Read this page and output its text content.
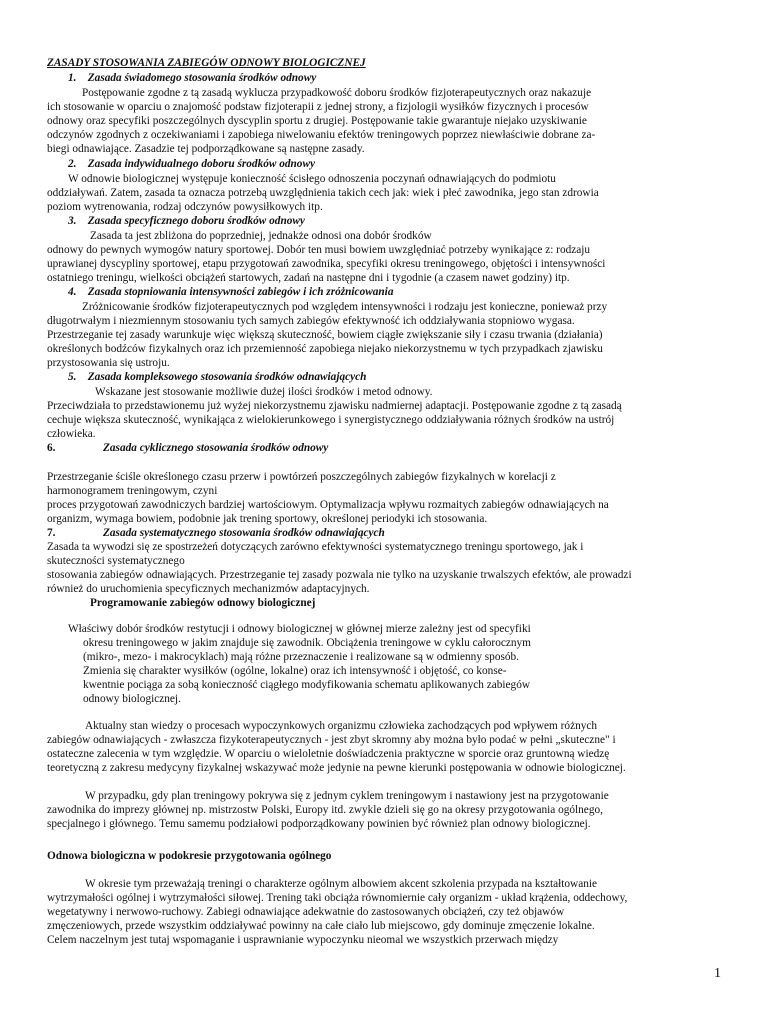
ZASADY STOSOWANIA ZABIEGÓW ODNOWY BIOLOGICZNEJ
1.    Zasada świadomego stosowania środków odnowy
Postępowanie zgodne z tą zasadą wyklucza przypadkowość doboru środków fizjoterapeutycznych oraz nakazuje
ich stosowanie w oparciu o znajomość podstaw fizjoterapii z jednej strony, a fizjologii wysiłków fizycznych i procesów
odnowy oraz specyfiki poszczególnych dyscyplin sportu z drugiej. Postępowanie takie gwarantuje niejako uzyskiwanie
odczynów zgodnych z oczekiwaniami i zapobiega niwelowaniu efektów treningowych poprzez niewłaściwie dobrane za-
biegi odnawiające. Zasadzie tej podporządkowane są następne zasady.
2.    Zasada indywidualnego doboru środków odnowy
W odnowie biologicznej występuje konieczność ścisłego odnoszenia poczynań odnawiających do podmiotu
oddziaływań. Zatem, zasada ta oznacza potrzebą uwzględnienia takich cech jak: wiek i płeć zawodnika, jego stan zdrowia
poziom wytrenowania, rodzaj odczynów powysiłkowych itp.
3.    Zasada specyficznego doboru środków odnowy
Zasada ta jest zbliżona do poprzedniej, jednakże odnosi ona dobór środków
odnowy do pewnych wymogów natury sportowej. Dobór ten musi bowiem uwzględniać potrzeby wynikające z: rodzaju
uprawianej dyscypliny sportowej, etapu przygotowań zawodnika, specyfiki okresu treningowego, objętości i intensywności
ostatniego treningu, wielkości obciążeń startowych, zadań na następne dni i tygodnie (a czasem nawet godziny) itp.
4.    Zasada stopniowania intensywności zabiegów i ich zróżnicowania
Zróżnicowanie środków fizjoterapeutycznych pod względem intensywności i rodzaju jest konieczne, ponieważ przy
długotrwałym i niezmiennym stosowaniu tych samych zabiegów efektywność ich oddziaływania stopniowo wygasa.
Przestrzeganie tej zasady warunkuje więc większą skuteczność, bowiem ciągłe zwiększanie siły i czasu trwania (działania)
określonych bodźców fizykalnych oraz ich przemienność zapobiega niejako niekorzystnemu w tych przypadkach zjawisku
przystosowania się ustroju.
5.    Zasada kompleksowego stosowania środków odnawiających
Wskazane jest stosowanie możliwie dużej ilości środków i metod odnowy.
Przeciwdziała to przedstawionemu już wyżej niekorzystnemu zjawisku nadmiernej adaptacji. Postępowanie zgodne z tą zasadą
cechuje większa skuteczność, wynikająca z wielokierunkowego i synergistycznego oddziaływania różnych środków na ustrój
człowieka.
6.	Zasada cyklicznego stosowania środków odnowy
Przestrzeganie ściśle określonego czasu przerw i powtórzeń poszczególnych zabiegów fizykalnych w korelacji z
harmonogramem treningowym, czyni
proces przygotowań zawodniczych bardziej wartościowym. Optymalizacja wpływu rozmaitych zabiegów odnawiających na
organizm, wymaga bowiem, podobnie jak trening sportowy, określonej periodyki ich stosowania.
7.	Zasada systematycznego stosowania środków odnawiających
Zasada ta wywodzi się ze spostrzeżeń dotyczących zarówno efektywności systematycznego treningu sportowego, jak i
skuteczności systematycznego
stosowania zabiegów odnawiających. Przestrzeganie tej zasady pozwala nie tylko na uzyskanie trwalszych efektów, ale prowadzi
również do uruchomienia specyficznych mechanizmów adaptacyjnych.
Programowanie zabiegów odnowy biologicznej
Właściwy dobór środków restytucji i odnowy biologicznej w głównej mierze zależny jest od specyfiki
okresu treningowego w jakim znajduje się zawodnik. Obciążenia treningowe w cyklu całorocznym
(mikro-, mezo- i makrocyklach) mają różne przeznaczenie i realizowane są w odmienny sposób.
Zmienia się charakter wysiłków (ogólne, lokalne) oraz ich intensywność i objętość, co konse-
kwentnie pociąga za sobą konieczność ciągłego modyfikowania schematu aplikowanych zabiegów
odnowy biologicznej.
Aktualny stan wiedzy o procesach wypoczynkowych organizmu człowieka zachodzących pod wpływem różnych
zabiegów odnawiających - zwłaszcza fizykoterapeutycznych - jest zbyt skromny aby można było podać w pełni „skuteczne" i
ostateczne zalecenia w tym względzie. W oparciu o wieloletnie doświadczenia praktyczne w sporcie oraz gruntowną wiedzę
teoretyczną z zakresu medycyny fizykalnej wskazywać może jedynie na pewne kierunki postępowania w odnowie biologicznej.
W przypadku, gdy plan treningowy pokrywa się z jednym cyklem treningowym i nastawiony jest na przygotowanie
zawodnika do imprezy głównej np. mistrzostw Polski, Europy itd. zwykle dzieli się go na okresy przygotowania ogólnego,
specjalnego i głównego. Temu samemu podziałowi podporządkowany powinien być również plan odnowy biologicznej.
Odnowa biologiczna w podokresie przygotowania ogólnego
W okresie tym przeważają treningi o charakterze ogólnym albowiem akcent szkolenia przypada na kształtowanie
wytrzymałości ogólnej i wytrzymałości siłowej. Trening taki obciąża równomiernie cały organizm - układ krążenia, oddechowy,
wegetatywny i nerwowo-ruchowy. Zabiegi odnawiające adekwatnie do zastosowanych obciążeń, czy też objawów
zmęczeniowych, przede wszystkim oddziaływać powinny na całe ciało lub miejscowo, gdy dominuje zmęczenie lokalne.
Celem naczelnym jest tutaj wspomaganie i usprawnianie wypoczynku nieomal we wszystkich przerwach między
1
